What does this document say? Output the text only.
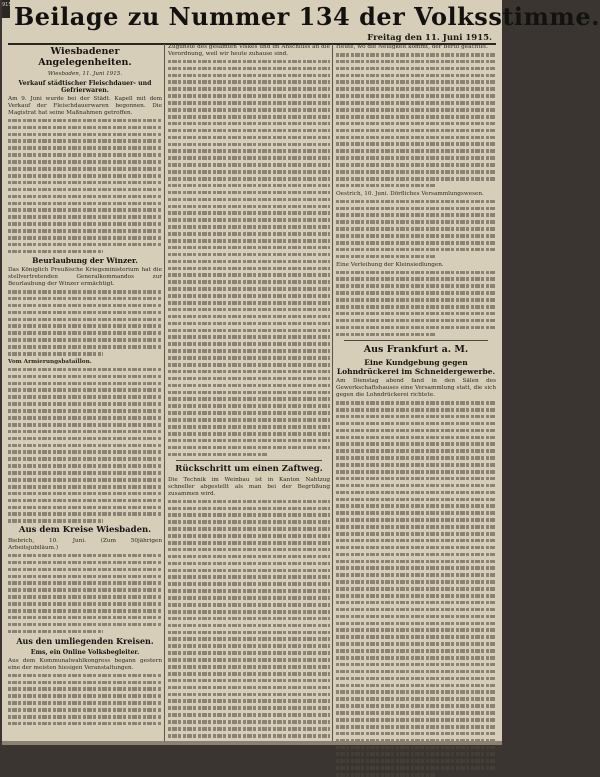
915 Beilage zu Nummer 134 der Volksstimme.
Freitag den 11. Juni 1915.
Wiesbadener Angelegenheiten.
Wiesbaden, 11. Juni 1915.
Verkauf städtischer Fleischdauer- und Gefrierwaren.
Am 9. Juni wurde bei der Städt. Kapell mit dem Verkauf der Fleischdauerwaren begonnen. Die Magistrat hat seine Maßnahmen getroffen.
Beurlaubung der Winzer.
Das Königlich Preußische Kriegsministerium hat die stellvertretenden Generalkommandos zur Beurlaubung der Winzer ermächtigt.
Vom Armierungsbataillon.
Aus dem Kreise Wiesbaden.
Biebrich, 10. Juni. (Zum 50jährigen Arbeitsjubiläum.)
Aus den umliegenden Kreisen.
Ems, ein Online Volksbegleiter.
Aus dem Kommunalwahlkongress begann gestern eine der meisten hiesigen Veranstaltungen.
Zugunste des gesamten Volkes und im Anschluss an die Verordnung, weil wir heute zuhause sind.
Rückschritt um einen Zaftweg.
Die Technik im Weinbau ist in Kanton Nahtzug schneller abgestellt als man bei der Begrüßung zusammen wird.
Heute, wo die Neuigkeit kommt, der Beruf geachtet.
Oestrich, 10. Juni. Dörfliches Versammlungswesen.
Eine Verleihung der Kleinsiedlungen.
Aus Frankfurt a. M.
Eine Kundgebung gegen Lohndrückerei im Schneidergewerbe.
Am Dienstag abend fand in den Sälen des Gewerkschaftshauses eine Versammlung statt, die sich gegen die Lohndrückerei richtete.
